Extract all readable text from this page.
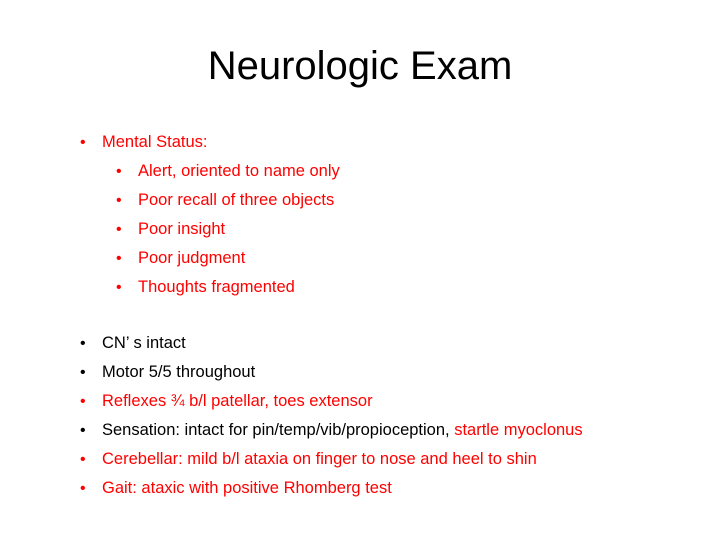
Neurologic Exam
• Mental Status:
• Alert, oriented to name only
• Poor recall of three objects
• Poor insight
• Poor judgment
• Thoughts fragmented
• CN’ s intact
• Motor 5/5 throughout
• Reflexes ¾ b/l patellar, toes extensor
• Sensation: intact for pin/temp/vib/propioception, startle myoclonus
• Cerebellar: mild b/l ataxia on finger to nose and heel to shin
• Gait: ataxic with positive Rhomberg test
